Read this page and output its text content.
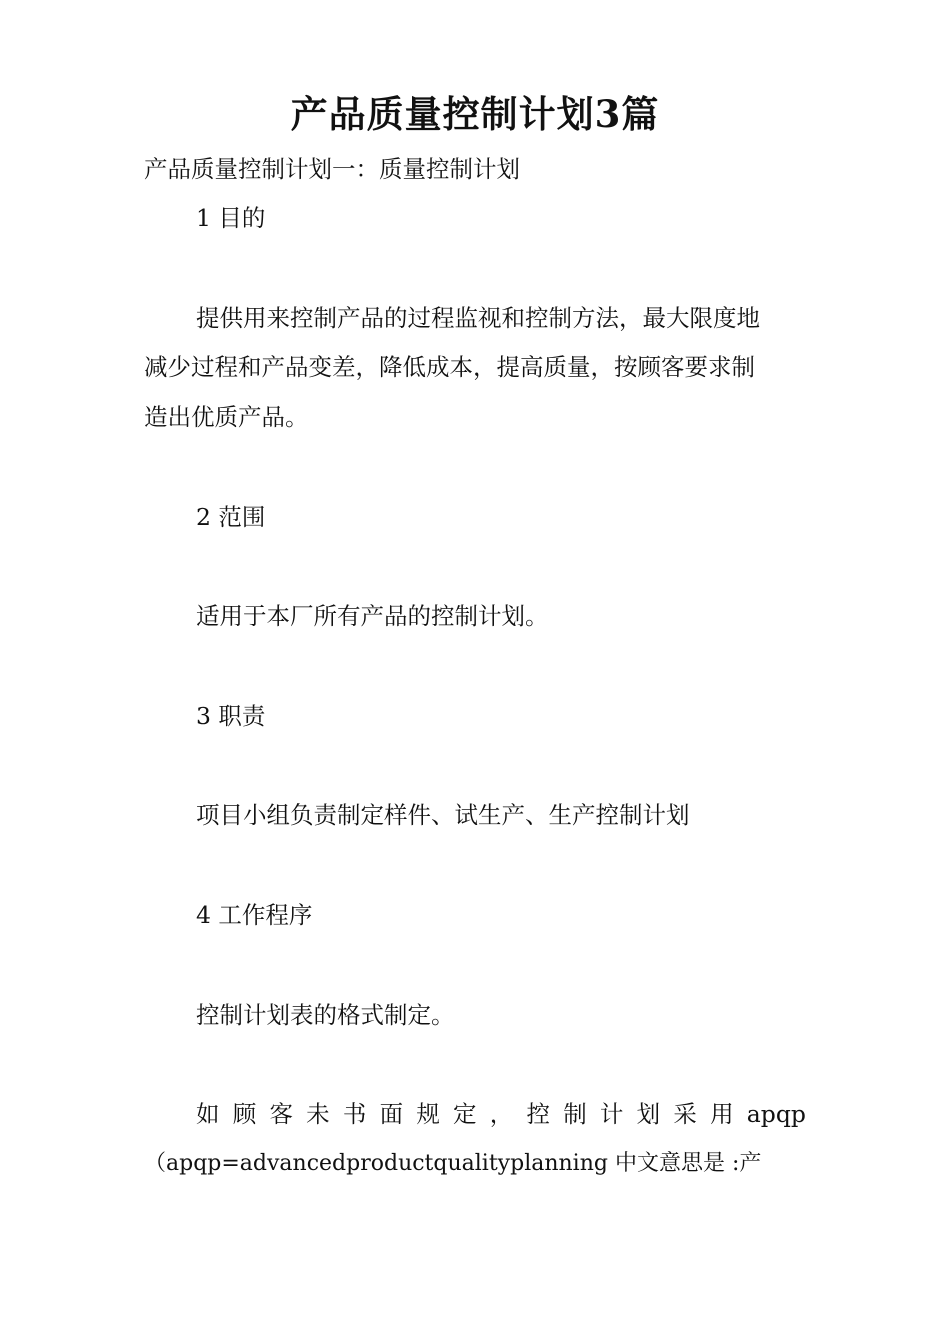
产品质量控制计划3篇

产品质量控制计划一：质量控制计划

1 目的

提供用来控制产品的过程监视和控制方法，最大限度地

减少过程和产品变差，降低成本，提高质量，按顾客要求制

造出优质产品。

2 范围

适用于本厂所有产品的控制计划。

3 职责

项目小组负责制定样件、试生产、生产控制计划

4 工作程序

控制计划表的格式制定。

如 顾 客 未 书 面 规 定 ， 控 制 计 划 采 用 apqp

（apqp=advancedproductqualityplanning 中文意思是 :产
